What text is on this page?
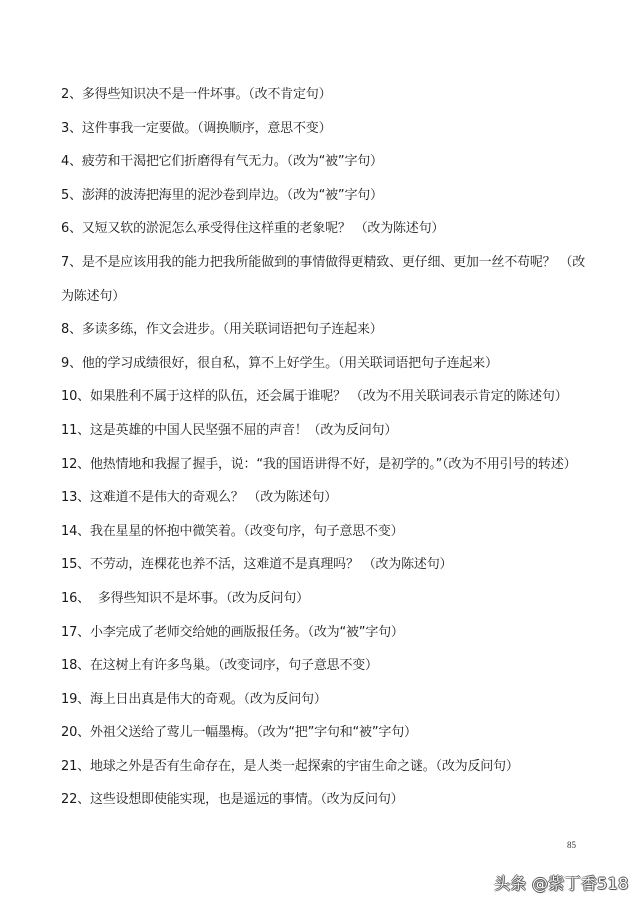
2、多得些知识决不是一件坏事。（改不肯定句）
3、这件事我一定要做。（调换顺序，意思不变）
4、疲劳和干渴把它们折磨得有气无力。（改为“被”字句）
5、澎湃的波涛把海里的泥沙卷到岸边。（改为“被”字句）
6、又短又软的淤泥怎么承受得住这样重的老象呢？ （改为陈述句）
7、是不是应该用我的能力把我所能做到的事情做得更精致、更仔细、更加一丝不苟呢？ （改为陈述句）
8、多读多练，作文会进步。（用关联词语把句子连起来）
9、他的学习成绩很好，很自私，算不上好学生。（用关联词语把句子连起来）
10、如果胜利不属于这样的队伍，还会属于谁呢？ （改为不用关联词表示肯定的陈述句）
11、这是英雄的中国人民坚强不屈的声音！（改为反问句）
12、他热情地和我握了握手，说：“我的国语讲得不好，是初学的。”（改为不用引号的转述）
13、这难道不是伟大的奇观么？ （改为陈述句）
14、我在星星的怀抱中微笑着。（改变句序，句子意思不变）
15、不劳动，连棵花也养不活，这难道不是真理吗？ （改为陈述句）
16、  多得些知识不是坏事。（改为反问句）
17、小李完成了老师交给她的画版报任务。（改为“被”字句）
18、在这树上有许多鸟巢。（改变词序，句子意思不变）
19、海上日出真是伟大的奇观。（改为反问句）
20、外祖父送给了莺儿一幅墨梅。（改为“把”字句和“被”字句）
21、地球之外是否有生命存在，是人类一起探索的宇宙生命之谜。（改为反问句）
22、这些设想即使能实现，也是遥远的事情。（改为反问句）
85
头条 @紫丁香518
